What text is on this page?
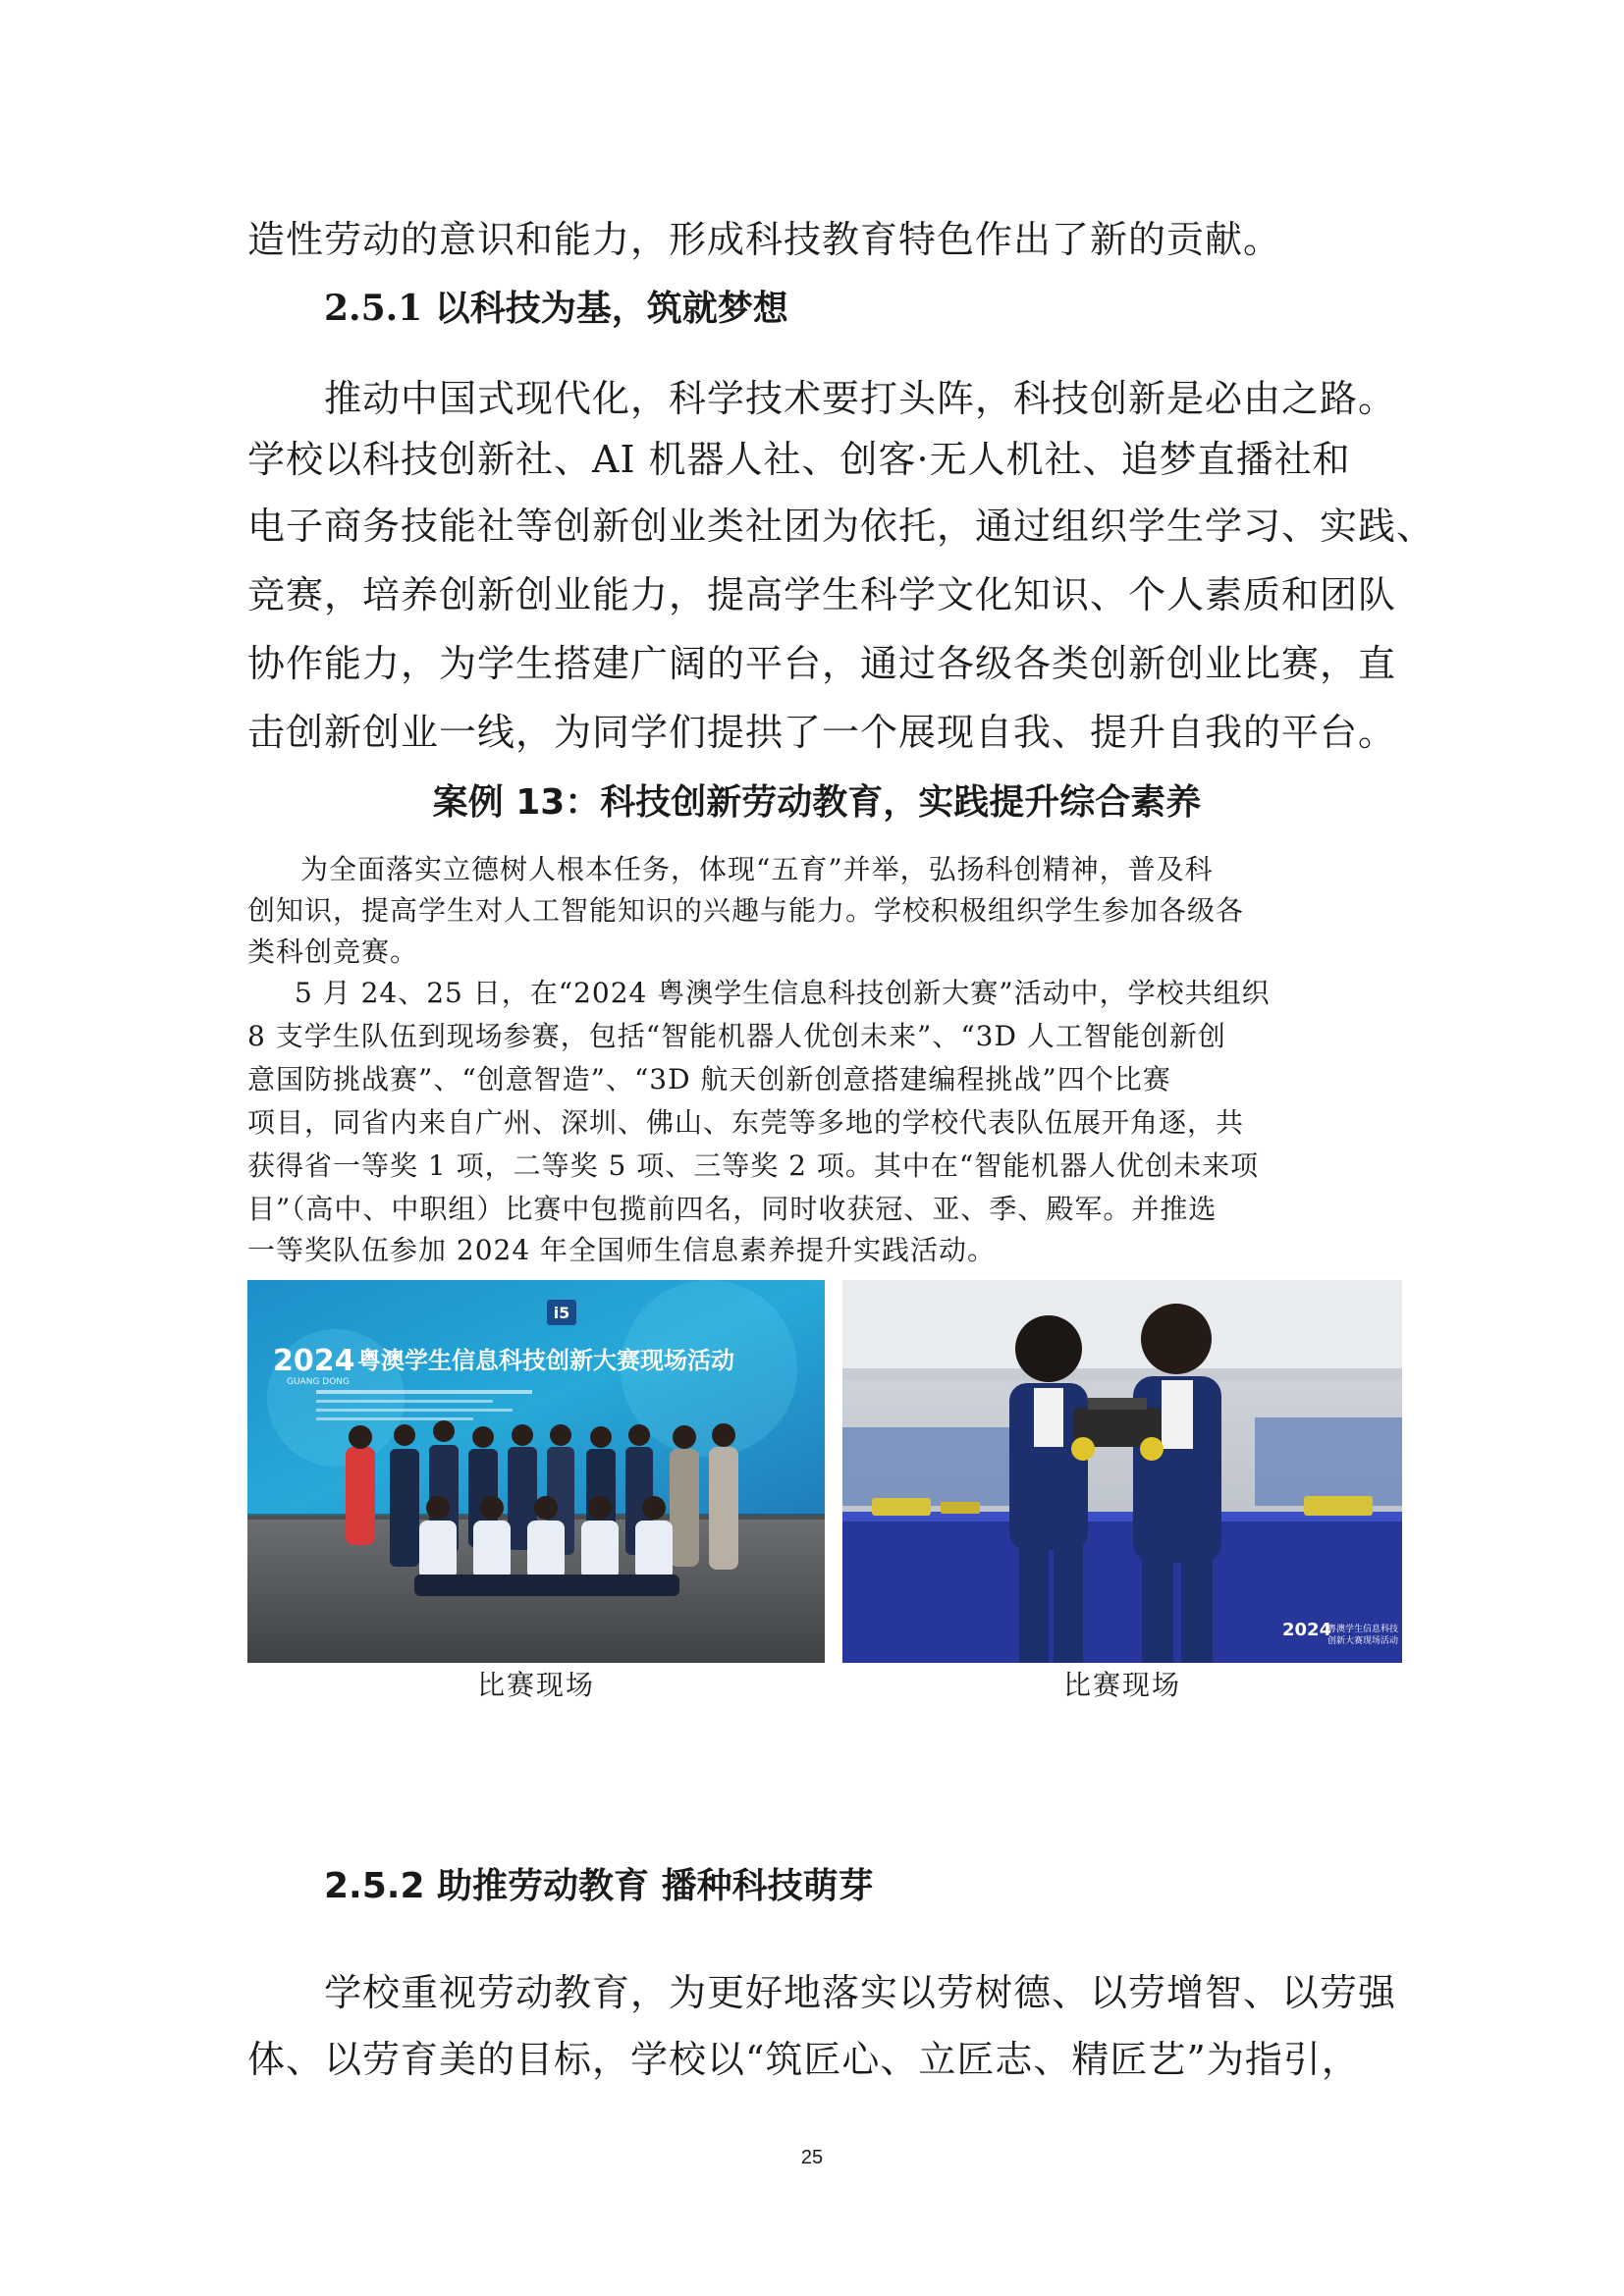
造性劳动的意识和能力，形成科技教育特色作出了新的贡献。
2.5.1 以科技为基，筑就梦想
推动中国式现代化，科学技术要打头阵，科技创新是必由之路。
学校以科技创新社、AI 机器人社、创客·无人机社、追梦直播社和
电子商务技能社等创新创业类社团为依托，通过组织学生学习、实践、
竞赛，培养创新创业能力，提高学生科学文化知识、个人素质和团队
协作能力，为学生搭建广阔的平台，通过各级各类创新创业比赛，直
击创新创业一线，为同学们提拱了一个展现自我、提升自我的平台。
案例 13：科技创新劳动教育，实践提升综合素养
为全面落实立德树人根本任务，体现“五育”并举，弘扬科创精神，普及科
创知识，提高学生对人工智能知识的兴趣与能力。学校积极组织学生参加各级各
类科创竞赛。
5 月 24、25 日，在“2024 粤澳学生信息科技创新大赛”活动中，学校共组织
8 支学生队伍到现场参赛，包括“智能机器人优创未来”、“3D 人工智能创新创
意国防挑战赛”、“创意智造”、“3D 航天创新创意搭建编程挑战”四个比赛
项目，同省内来自广州、深圳、佛山、东莞等多地的学校代表队伍展开角逐，共
获得省一等奖 1 项，二等奖 5 项、三等奖 2 项。其中在“智能机器人优创未来项
目”（高中、中职组）比赛中包揽前四名，同时收获冠、亚、季、殿军。并推选
一等奖队伍参加 2024 年全国师生信息素养提升实践活动。
i5
2024
GUANG DONG
粤澳学生信息科技创新大赛现场活动
2024
粤澳学生信息科技
创新大赛现场活动
比赛现场	比赛现场
2.5.2 助推劳动教育 播种科技萌芽
学校重视劳动教育，为更好地落实以劳树德、以劳增智、以劳强
体、以劳育美的目标，学校以“筑匠心、立匠志、精匠艺”为指引，
25
